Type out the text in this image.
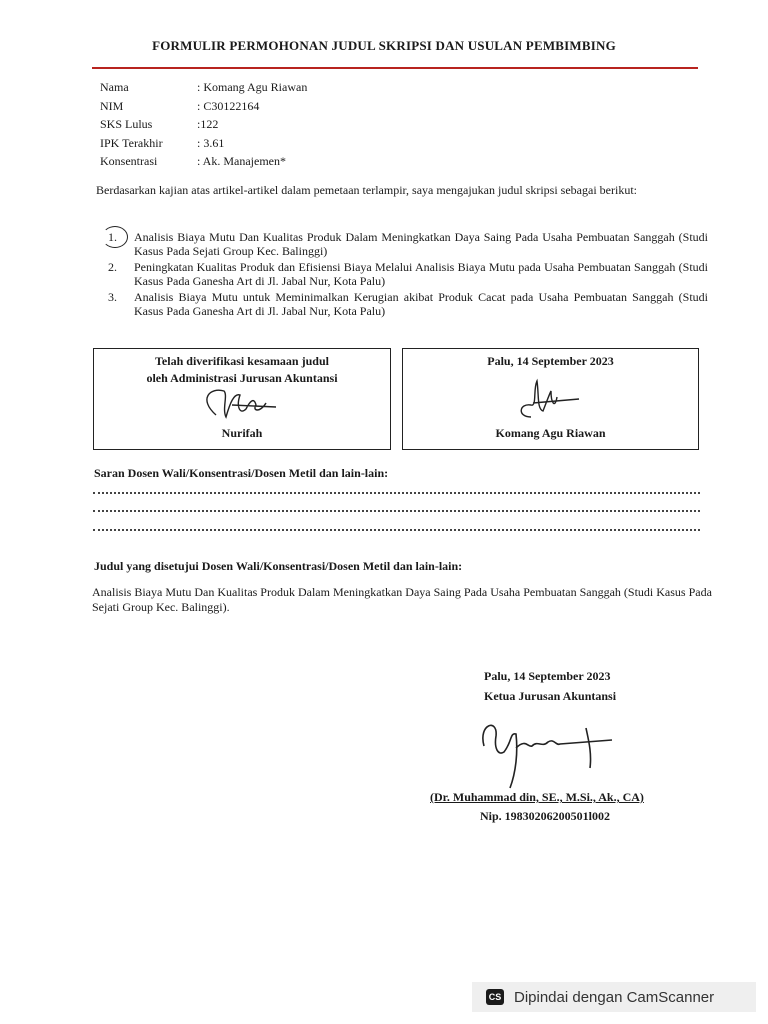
FORMULIR PERMOHONAN JUDUL SKRIPSI DAN USULAN PEMBIMBING
Nama	: Komang Agu Riawan
NIM	: C30122164
SKS Lulus	:122
IPK Terakhir	: 3.61
Konsentrasi	: Ak. Manajemen*
Berdasarkan kajian atas artikel-artikel dalam pemetaan terlampir, saya mengajukan judul skripsi sebagai berikut:
1.	Analisis Biaya Mutu Dan Kualitas Produk Dalam Meningkatkan Daya Saing Pada Usaha Pembuatan Sanggah (Studi Kasus Pada Sejati Group Kec. Balinggi)
2.	Peningkatan Kualitas Produk dan Efisiensi Biaya Melalui Analisis Biaya Mutu pada Usaha Pembuatan Sanggah (Studi Kasus Pada Ganesha Art di Jl. Jabal Nur, Kota Palu)
3.	Analisis Biaya Mutu untuk Meminimalkan Kerugian akibat Produk Cacat pada Usaha Pembuatan Sanggah (Studi Kasus Pada Ganesha Art di Jl. Jabal Nur, Kota Palu)
Telah diverifikasi kesamaan judul
oleh Administrasi Jurusan Akuntansi
Nurifah
Palu, 14 September 2023
Komang Agu Riawan
Saran Dosen Wali/Konsentrasi/Dosen Metil dan lain-lain:
Judul yang disetujui Dosen Wali/Konsentrasi/Dosen Metil dan lain-lain:
Analisis Biaya Mutu Dan Kualitas Produk Dalam Meningkatkan Daya Saing Pada Usaha Pembuatan Sanggah (Studi Kasus Pada Sejati Group Kec. Balinggi).
Palu, 14 September 2023
Ketua Jurusan Akuntansi
(Dr. Muhammad din, SE., M.Si., Ak., CA)
Nip. 19830206200501l002
CS Dipindai dengan CamScanner
